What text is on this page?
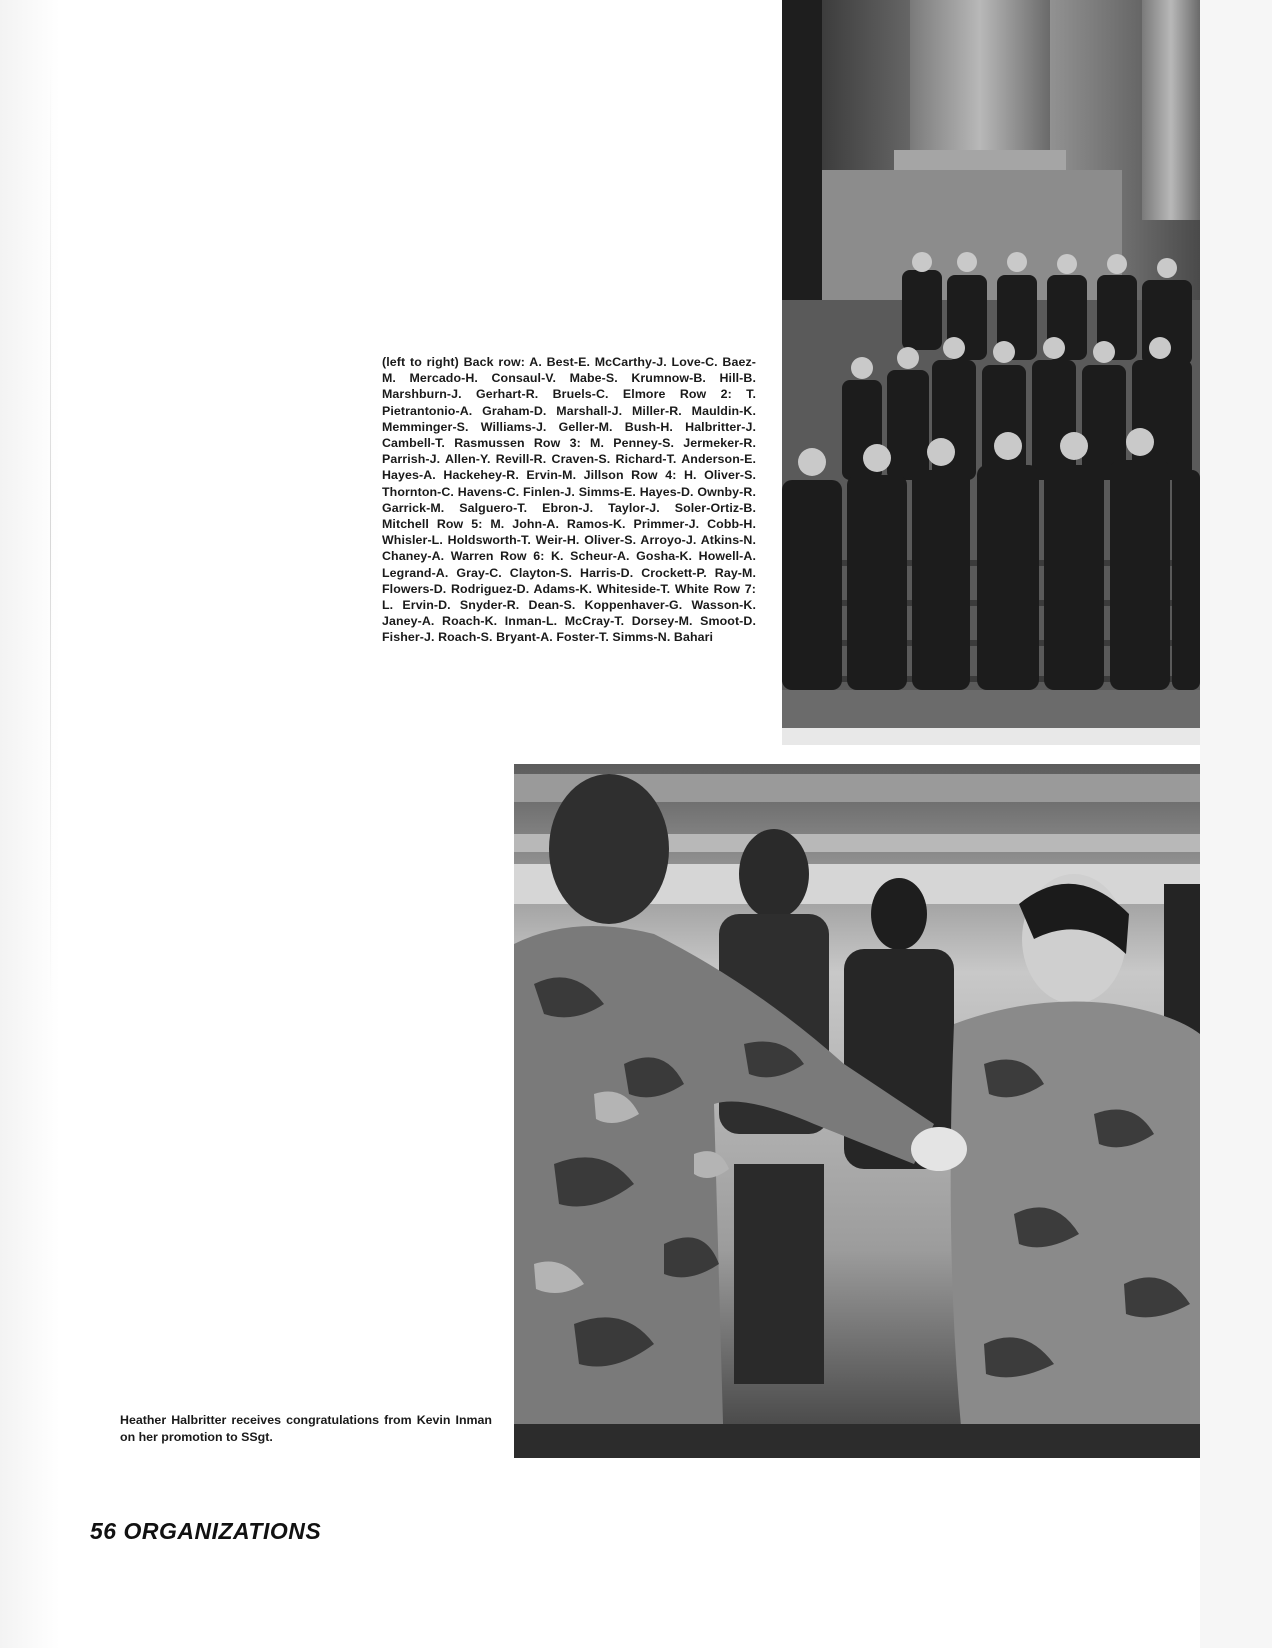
(left to right) Back row: A. Best-E. McCarthy-J. Love-C. Baez-M. Mercado-H. Consaul-V. Mabe-S. Krumnow-B. Hill-B. Marshburn-J. Gerhart-R. Bruels-C. Elmore Row 2: T. Pietrantonio-A. Graham-D. Marshall-J. Miller-R. Mauldin-K. Memminger-S. Williams-J. Geller-M. Bush-H. Halbritter-J. Cambell-T. Rasmussen Row 3: M. Penney-S. Jermeker-R. Parrish-J. Allen-Y. Revill-R. Craven-S. Richard-T. Anderson-E. Hayes-A. Hackehey-R. Ervin-M. Jillson Row 4: H. Oliver-S. Thornton-C. Havens-C. Finlen-J. Simms-E. Hayes-D. Ownby-R. Garrick-M. Salguero-T. Ebron-J. Taylor-J. Soler-Ortiz-B. Mitchell Row 5: M. John-A. Ramos-K. Primmer-J. Cobb-H. Whisler-L. Holdsworth-T. Weir-H. Oliver-S. Arroyo-J. Atkins-N. Chaney-A. Warren Row 6: K. Scheur-A. Gosha-K. Howell-A. Legrand-A. Gray-C. Clayton-S. Harris-D. Crockett-P. Ray-M. Flowers-D. Rodriguez-D. Adams-K. Whiteside-T. White Row 7: L. Ervin-D. Snyder-R. Dean-S. Koppenhaver-G. Wasson-K. Janey-A. Roach-K. Inman-L. McCray-T. Dorsey-M. Smoot-D. Fisher-J. Roach-S. Bryant-A. Foster-T. Simms-N. Bahari
Heather Halbritter receives congratulations from Kevin Inman on her promotion to SSgt.
56 ORGANIZATIONS
